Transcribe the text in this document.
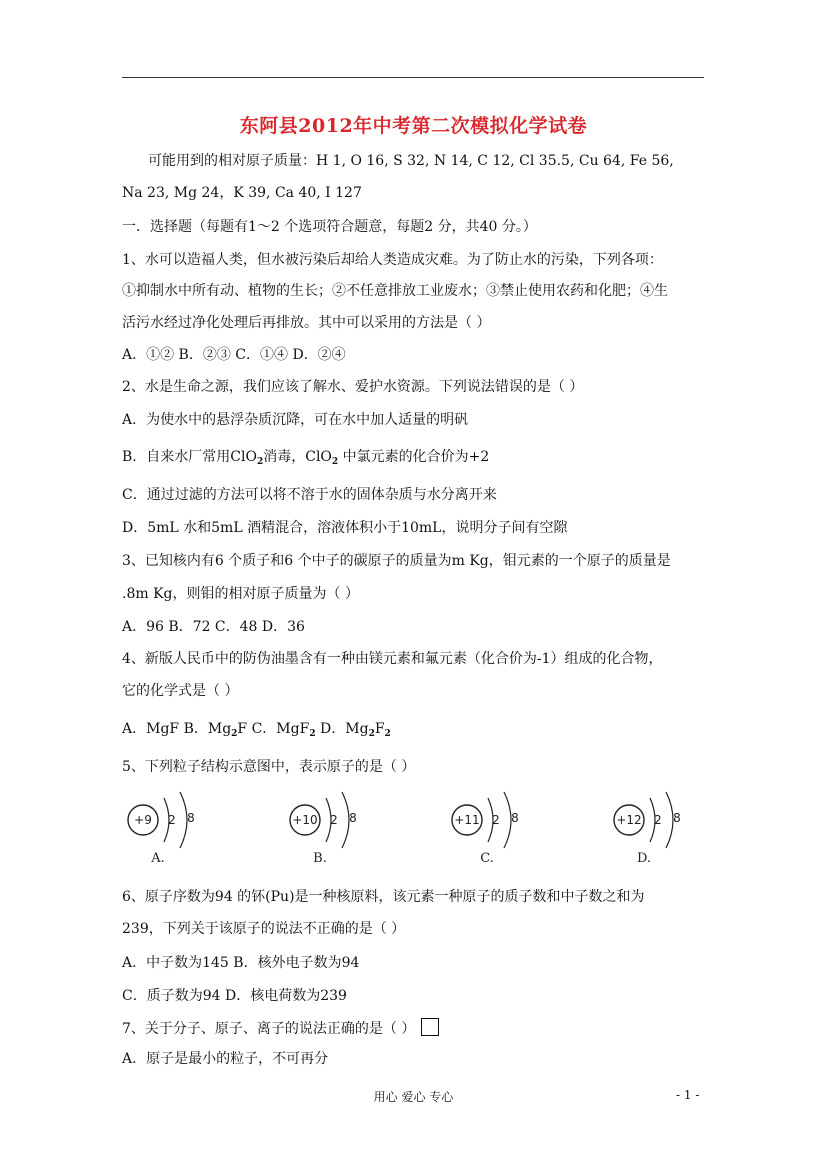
东阿县2012年中考第二次模拟化学试卷
可能用到的相对原子质量：H 1, O 16, S 32, N 14, C 12, Cl 35.5, Cu 64, Fe 56,
Na 23, Mg 24，K 39, Ca 40, I 127
一．选择题（每题有1～2 个选项符合题意，每题2 分，共40 分。）
1、水可以造福人类，但水被污染后却给人类造成灾难。为了防止水的污染，下列各项：
①抑制水中所有动、植物的生长；②不任意排放工业废水；③禁止使用农药和化肥；④生
活污水经过净化处理后再排放。其中可以采用的方法是（ ）
A．①② B．②③ C．①④ D．②④
2、水是生命之源，我们应该了解水、爱护水资源。下列说法错误的是（ ）
A．为使水中的悬浮杂质沉降，可在水中加人适量的明矾
B．自来水厂常用ClO$_2$消毒，ClO$_2$ 中氯元素的化合价为+2
C．通过过滤的方法可以将不溶于水的固体杂质与水分离开来
D．5mL 水和5mL 酒精混合，溶液体积小于10mL，说明分子间有空隙
3、已知核内有6 个质子和6 个中子的碳原子的质量为m Kg，钼元素的一个原子的质量是
.8m Kg，则钼的相对原子质量为（ ）
A．96 B．72 C．48 D．36
4、新版人民币中的防伪油墨含有一种由镁元素和氟元素（化合价为-1）组成的化合物，
它的化学式是（ ）
A．MgF B．$Mg_2F$ C．MgF$_2$ D．$Mg_2F_2$
5、下列粒子结构示意图中，表示原子的是（ ）
+9 2 8
A.
+10 2 8
B.
+11 2 8
C.
+12 2 8
D.
6、原子序数为94 的钚(Pu)是一种核原料，该元素一种原子的质子数和中子数之和为
239，下列关于该原子的说法不正确的是（ ）
A．中子数为145 B．核外电子数为94
C．质子数为94 D．核电荷数为239
7、关于分子、原子、离子的说法正确的是（ ）
A．原子是最小的粒子，不可再分
用心 爱心 专心	- 1 -
